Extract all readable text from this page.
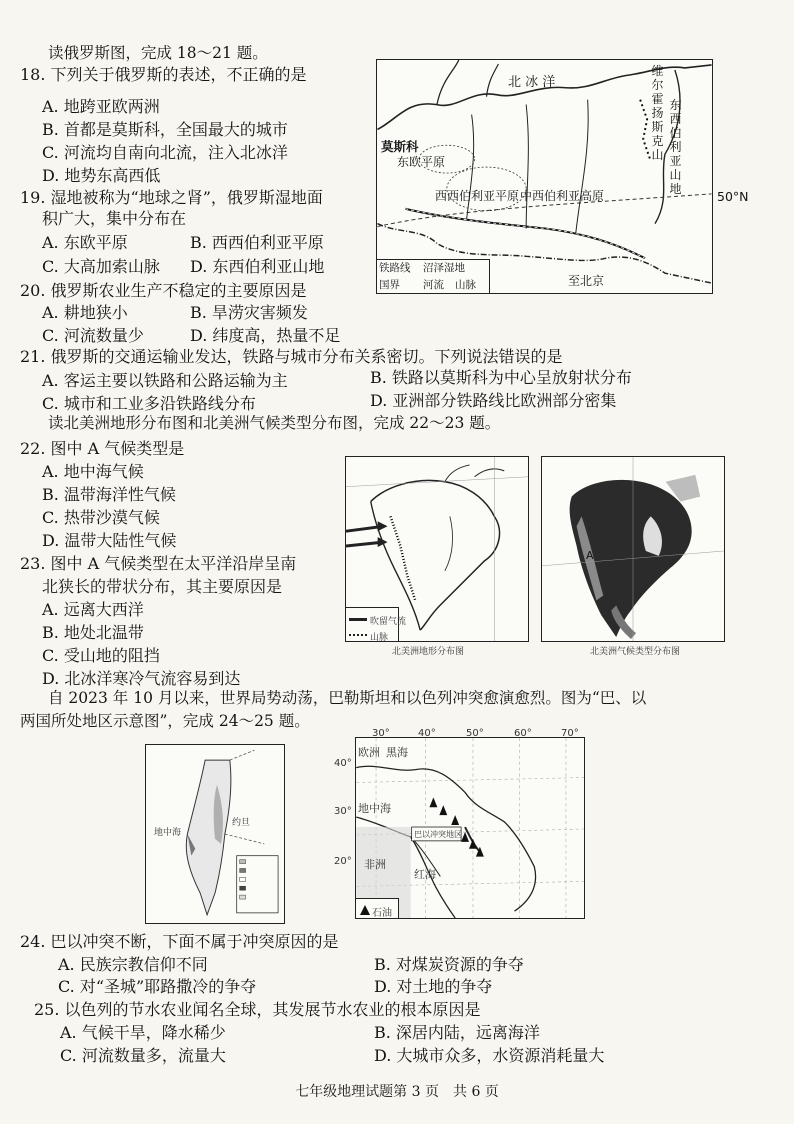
读俄罗斯图，完成 18～21 题。
18. 下列关于俄罗斯的表述，不正确的是
A. 地跨亚欧两洲
B. 首都是莫斯科，全国最大的城市
C. 河流均自南向北流，注入北冰洋
D. 地势东高西低
19. 湿地被称为“地球之肾”，俄罗斯湿地面
积广大，集中分布在
A. 东欧平原	B. 西西伯利亚平原
C. 大高加索山脉 D. 东西伯利亚山地
20. 俄罗斯农业生产不稳定的主要原因是
A. 耕地狭小	B. 旱涝灾害频发
C. 河流数量少	D. 纬度高，热量不足
21. 俄罗斯的交通运输业发达，铁路与城市分布关系密切。下列说法错误的是
A. 客运主要以铁路和公路运输为主	B. 铁路以莫斯科为中心呈放射状分布
C. 城市和工业多沿铁路线分布	D. 亚洲部分铁路线比欧洲部分密集
北 冰 洋
莫斯科
东欧平原
西西伯利亚平原 中西伯利亚高原
维尔霍扬斯克山
东西伯利亚山地
至北京
铁路线 沼泽湿地
国界 河流 山脉
50°N
读北美洲地形分布图和北美洲气候类型分布图，完成 22～23 题。
22. 图中 A 气候类型是
A. 地中海气候
B. 温带海洋性气候
C. 热带沙漠气候
D. 温带大陆性气候
23. 图中 A 气候类型在太平洋沿岸呈南
北狭长的带状分布，其主要原因是
A. 远离大西洋
B. 地处北温带
C. 受山地的阻挡
D. 北冰洋寒冷气流容易到达
吹留气流
山脉
北美洲地形分布图
A
北美洲气候类型分布图
自 2023 年 10 月以来，世界局势动荡，巴勒斯坦和以色列冲突愈演愈烈。图为“巴、以
两国所处地区示意图”，完成 24～25 题。
地中海
约旦
欧洲 黑海
地中海
非洲
红海
巴以冲突地区
石油
30°	40°	50°	60°	70°
40°
30°
20°
24. 巴以冲突不断，下面不属于冲突原因的是
A. 民族宗教信仰不同	B. 对煤炭资源的争夺
C. 对“圣城”耶路撒冷的争夺	D. 对土地的争夺
25. 以色列的节水农业闻名全球，其发展节水农业的根本原因是
A. 气候干旱，降水稀少	B. 深居内陆，远离海洋
C. 河流数量多，流量大	D. 大城市众多，水资源消耗量大
七年级地理试题第 3 页　共 6 页
